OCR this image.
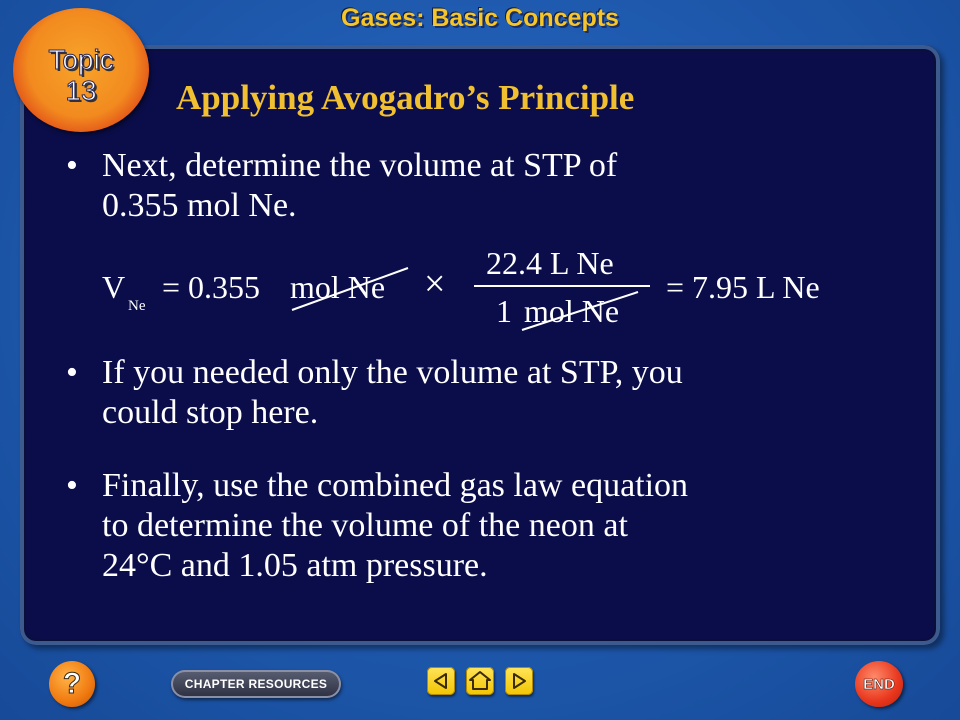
Gases: Basic Concepts
Topic
13	Applying Avogadro’s Principle
• Next, determine the volume at STP of
0.355 mol Ne.
V
Ne
= 0.355 mol Ne × 22.4 L Ne
1 mol Ne
= 7.95 L Ne
• If you needed only the volume at STP, you
could stop here.
• Finally, use the combined gas law equation
to determine the volume of the neon at
24°C and 1.05 atm pressure.
?	CHAPTER RESOURCES	END
